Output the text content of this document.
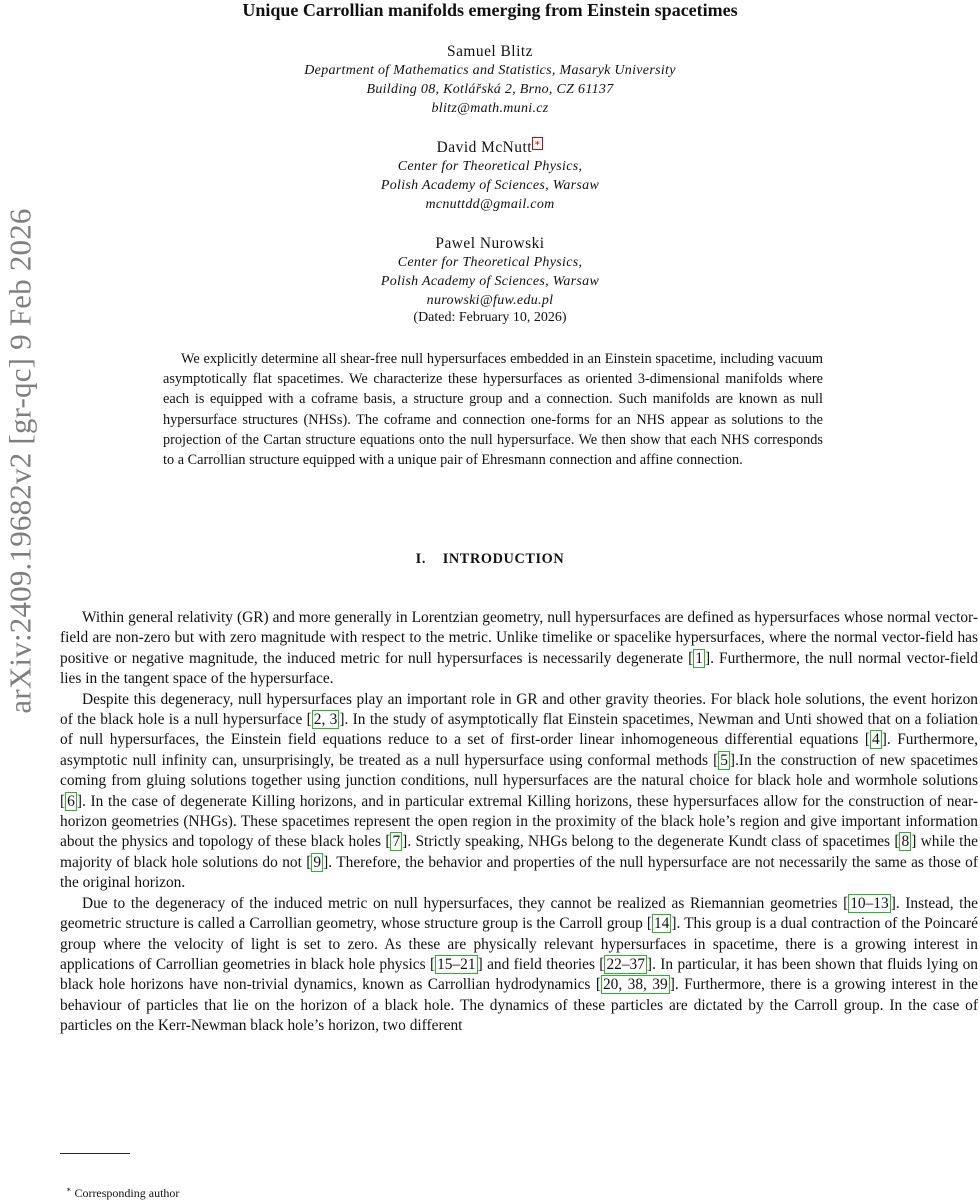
arXiv:2409.19682v2 [gr-qc] 9 Feb 2026
Unique Carrollian manifolds emerging from Einstein spacetimes
Samuel Blitz
Department of Mathematics and Statistics, Masaryk University
Building 08, Kotlářská 2, Brno, CZ 61137
blitz@math.muni.cz
David McNutt ∗
Center for Theoretical Physics,
Polish Academy of Sciences, Warsaw
mcnuttdd@gmail.com
Pawel Nurowski
Center for Theoretical Physics,
Polish Academy of Sciences, Warsaw
nurowski@fuw.edu.pl
(Dated: February 10, 2026)
We explicitly determine all shear-free null hypersurfaces embedded in an Einstein spacetime, including vacuum asymptotically flat spacetimes. We characterize these hypersurfaces as oriented 3-dimensional manifolds where each is equipped with a coframe basis, a structure group and a connection. Such manifolds are known as null hypersurface structures (NHSs). The coframe and connection one-forms for an NHS appear as solutions to the projection of the Cartan structure equations onto the null hypersurface. We then show that each NHS corresponds to a Carrollian structure equipped with a unique pair of Ehresmann connection and affine connection.
I. INTRODUCTION

Within general relativity (GR) and more generally in Lorentzian geometry, null hypersurfaces are defined as hypersurfaces whose normal vector-field are non-zero but with zero magnitude with respect to the metric. Unlike timelike or spacelike hypersurfaces, where the normal vector-field has positive or negative magnitude, the induced metric for null hypersurfaces is necessarily degenerate [ 1 ]. Furthermore, the null normal vector-field lies in the tangent space of the hypersurface.

Despite this degeneracy, null hypersurfaces play an important role in GR and other gravity theories. For black hole solutions, the event horizon of the black hole is a null hypersurface [ 2, 3 ]. In the study of asymptotically flat Einstein spacetimes, Newman and Unti showed that on a foliation of null hypersurfaces, the Einstein field equations reduce to a set of first-order linear inhomogeneous differential equations [ 4 ]. Furthermore, asymptotic null infinity can, unsurprisingly, be treated as a null hypersurface using conformal methods [ 5 ].In the construction of new spacetimes coming from gluing solutions together using junction conditions, null hypersurfaces are the natural choice for black hole and wormhole solutions [ 6 ]. In the case of degenerate Killing horizons, and in particular extremal Killing horizons, these hypersurfaces allow for the construction of near-horizon geometries (NHGs). These spacetimes represent the open region in the proximity of the black hole’s region and give important information about the physics and topology of these black holes [ 7 ]. Strictly speaking, NHGs belong to the degenerate Kundt class of spacetimes [ 8 ] while the majority of black hole solutions do not [ 9 ]. Therefore, the behavior and properties of the null hypersurface are not necessarily the same as those of the original horizon.

Due to the degeneracy of the induced metric on null hypersurfaces, they cannot be realized as Riemannian geometries [ 10–13 ]. Instead, the geometric structure is called a Carrollian geometry, whose structure group is the Carroll group [ 14 ]. This group is a dual contraction of the Poincaré group where the velocity of light is set to zero. As these are physically relevant hypersurfaces in spacetime, there is a growing interest in applications of Carrollian geometries in black hole physics [ 15–21 ] and field theories [ 22–37 ]. In particular, it has been shown that fluids lying on black hole horizons have non-trivial dynamics, known as Carrollian hydrodynamics [ 20, 38, 39 ]. Furthermore, there is a growing interest in the behaviour of particles that lie on the horizon of a black hole. The dynamics of these particles are dictated by the Carroll group. In the case of particles on the Kerr-Newman black hole’s horizon, two different

∗ Corresponding author
